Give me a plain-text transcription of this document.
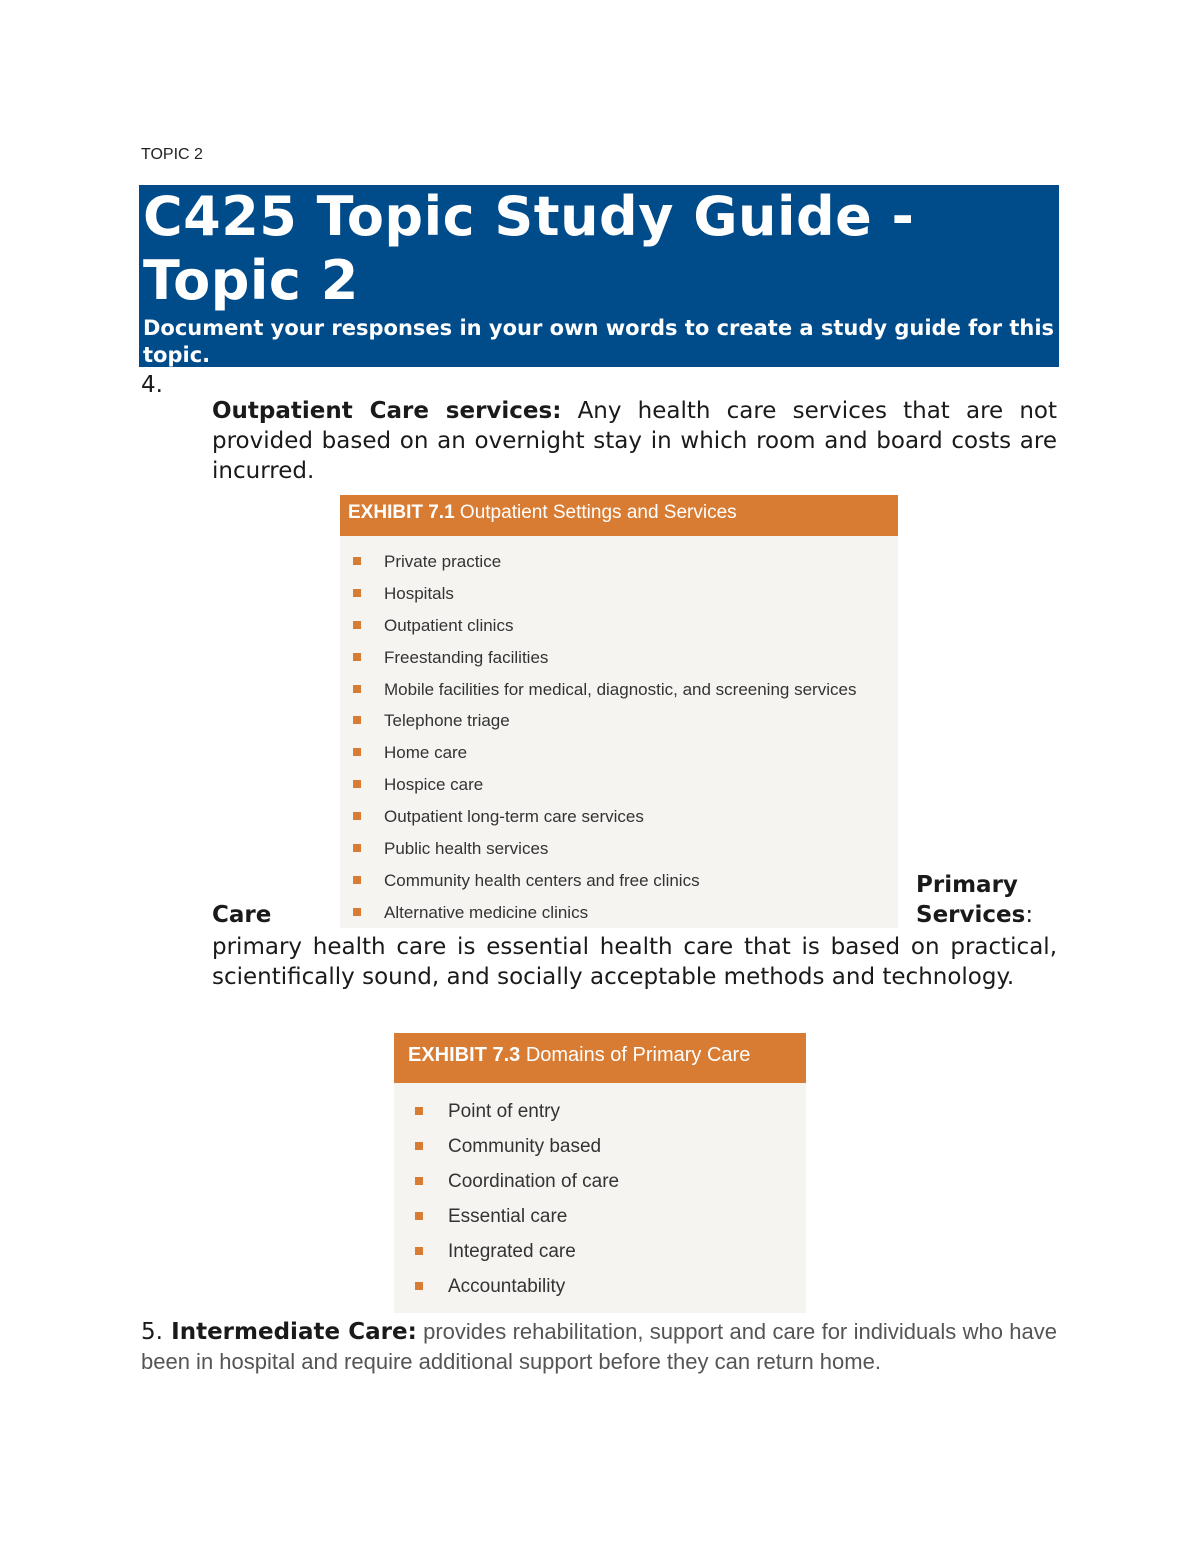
TOPIC 2
C425 Topic Study Guide -
Topic 2
Document your responses in your own words to create a study guide for this topic.
4.
Outpatient Care services: Any health care services that are not provided based on an overnight stay in which room and board costs are incurred.
EXHIBIT 7.1 Outpatient Settings and Services
Private practice
Hospitals
Outpatient clinics
Freestanding facilities
Mobile facilities for medical, diagnostic, and screening services
Telephone triage
Home care
Hospice care
Outpatient long-term care services
Public health services
Community health centers and free clinics
Alternative medicine clinics
Primary
Care	Services:
primary health care is essential health care that is based on practical, scientifically sound, and socially acceptable methods and technology.
EXHIBIT 7.3 Domains of Primary Care
Point of entry
Community based
Coordination of care
Essential care
Integrated care
Accountability
5. Intermediate Care: provides rehabilitation, support and care for individuals who have been in hospital and require additional support before they can return home.
